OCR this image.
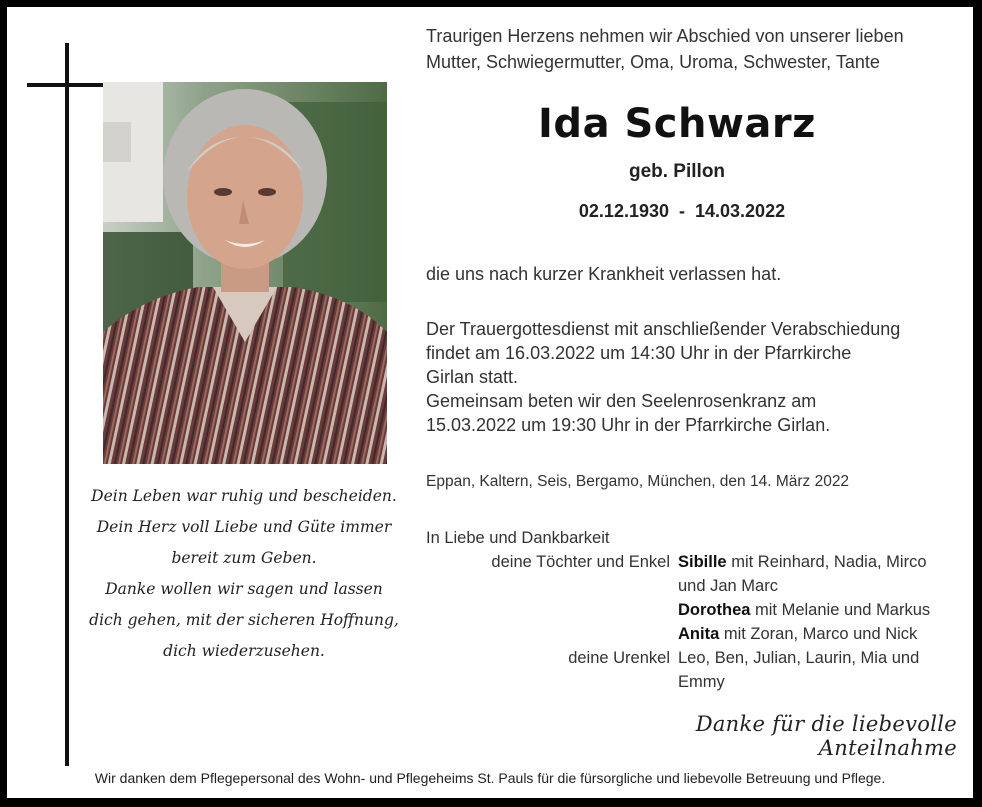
Dein Leben war ruhig und bescheiden.
Dein Herz voll Liebe und Güte immer
bereit zum Geben.
Danke wollen wir sagen und lassen
dich gehen, mit der sicheren Hoffnung,
dich wiederzusehen.
Traurigen Herzens nehmen wir Abschied von unserer lieben
Mutter, Schwiegermutter, Oma, Uroma, Schwester, Tante
Ida Schwarz
geb. Pillon
02.12.1930 - 14.03.2022
die uns nach kurzer Krankheit verlassen hat.
Der Trauergottesdienst mit anschließender Verabschiedung
findet am 16.03.2022 um 14:30 Uhr in der Pfarrkirche
Girlan statt.
Gemeinsam beten wir den Seelenrosenkranz am
15.03.2022 um 19:30 Uhr in der Pfarrkirche Girlan.
Eppan, Kaltern, Seis, Bergamo, München, den 14. März 2022
In Liebe und Dankbarkeit
deine Töchter und Enkel Sibille mit Reinhard, Nadia, Mirco
und Jan Marc
Dorothea mit Melanie und Markus
Anita mit Zoran, Marco und Nick
deine Urenkel Leo, Ben, Julian, Laurin, Mia und
Emmy
Danke für die liebevolle Anteilnahme
Wir danken dem Pflegepersonal des Wohn- und Pflegeheims St. Pauls für die fürsorgliche und liebevolle Betreuung und Pflege.
